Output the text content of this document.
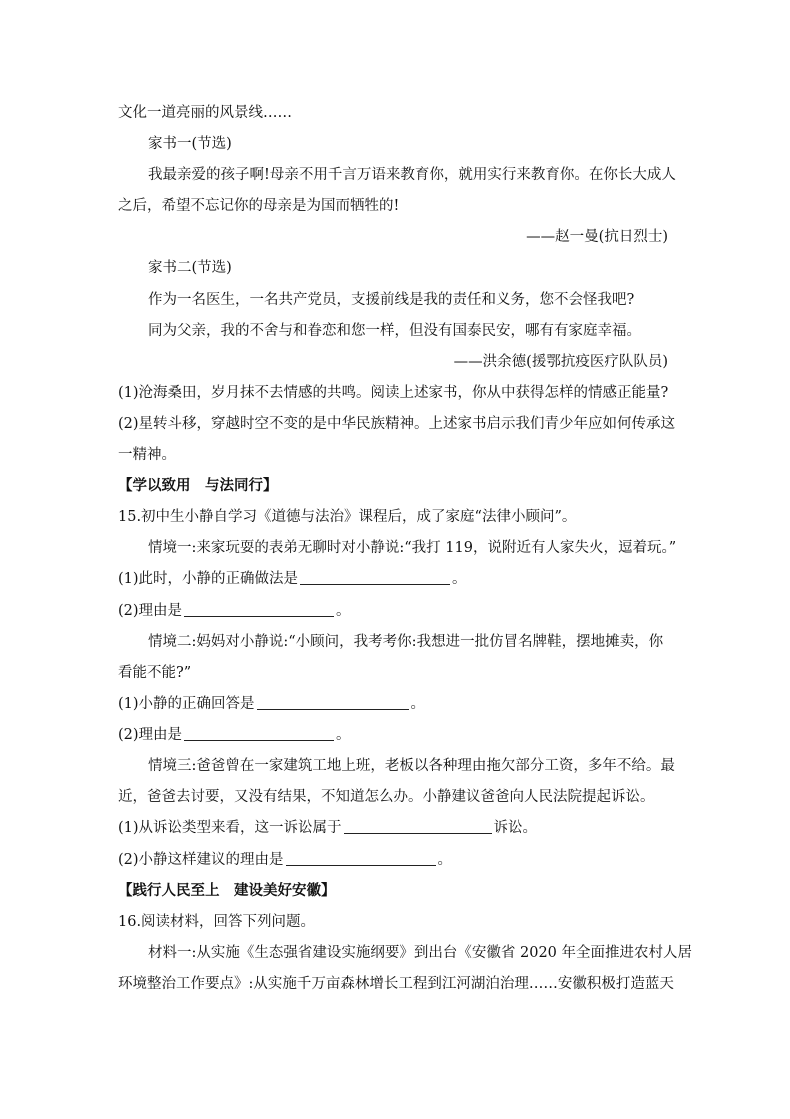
文化一道亮丽的风景线……
家书一(节选)
我最亲爱的孩子啊!母亲不用千言万语来教育你，就用实行来教育你。在你长大成人
之后，希望不忘记你的母亲是为国而牺牲的!
——赵一曼(抗日烈士)
家书二(节选)
作为一名医生，一名共产党员，支援前线是我的责任和义务，您不会怪我吧?
同为父亲，我的不舍与和眷恋和您一样，但没有国泰民安，哪有有家庭幸福。
——洪余德(援鄂抗疫医疗队队员)
(1)沧海桑田，岁月抹不去情感的共鸣。阅读上述家书，你从中获得怎样的情感正能量?
(2)星转斗移，穿越时空不变的是中华民族精神。上述家书启示我们青少年应如何传承这
一精神。
【学以致用　与法同行】
15.初中生小静自学习《道德与法治》课程后，成了家庭“法律小顾问”。
情境一:来家玩耍的表弟无聊时对小静说:“我打 119，说附近有人家失火，逗着玩。”
(1)此时，小静的正确做法是	。
(2)理由是	。
情境二:妈妈对小静说:“小顾问，我考考你:我想进一批仿冒名牌鞋，摆地摊卖，你
看能不能?”
(1)小静的正确回答是	。
(2)理由是	。
情境三:爸爸曾在一家建筑工地上班，老板以各种理由拖欠部分工资，多年不给。最
近，爸爸去讨要，又没有结果，不知道怎么办。小静建议爸爸向人民法院提起诉讼。
(1)从诉讼类型来看，这一诉讼属于	诉讼。
(2)小静这样建议的理由是	。
【践行人民至上　建设美好安徽】
16.阅读材料，回答下列问题。
材料一:从实施《生态强省建设实施纲要》到出台《安徽省 2020 年全面推进农村人居
环境整治工作要点》:从实施千万亩森林增长工程到江河湖泊治理……安徽积极打造蓝天
